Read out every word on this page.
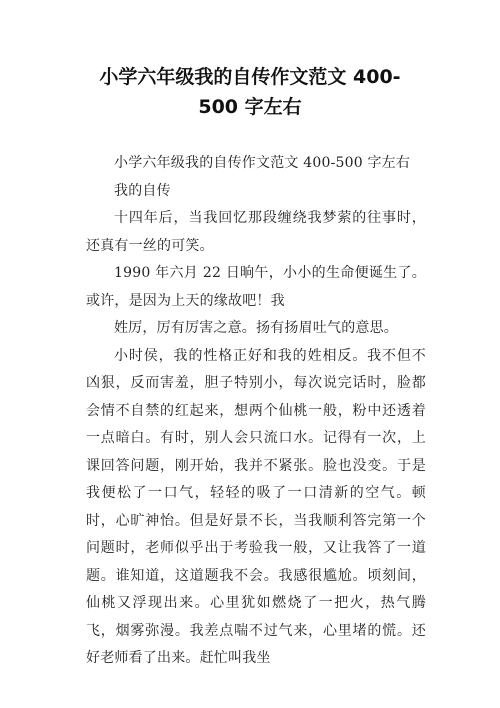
小学六年级我的自传作文范文 400-
500 字左右

小学六年级我的自传作文范文 400-500 字左右

我的自传

十四年后，当我回忆那段缠绕我梦萦的往事时，还真有一丝的可笑。

1990 年六月 22 日晌午，小小的生命便诞生了。或许，是因为上天的缘故吧！我

姓厉，厉有厉害之意。扬有扬眉吐气的意思。

小时侯，我的性格正好和我的姓相反。我不但不凶狠，反而害羞，胆子特别小，每次说完话时，脸都会情不自禁的红起来，想两个仙桃一般，粉中还透着一点暗白。有时，别人会只流口水。记得有一次，上课回答问题，刚开始，我并不紧张。脸也没变。于是我便松了一口气，轻轻的吸了一口清新的空气。顿时，心旷神怡。但是好景不长，当我顺利答完第一个问题时，老师似乎出于考验我一般，又让我答了一道题。谁知道，这道题我不会。我感很尴尬。顷刻间，仙桃又浮现出来。心里犹如燃烧了一把火，热气腾飞，烟雾弥漫。我差点喘不过气来，心里堵的慌。还好老师看了出来。赶忙叫我坐
